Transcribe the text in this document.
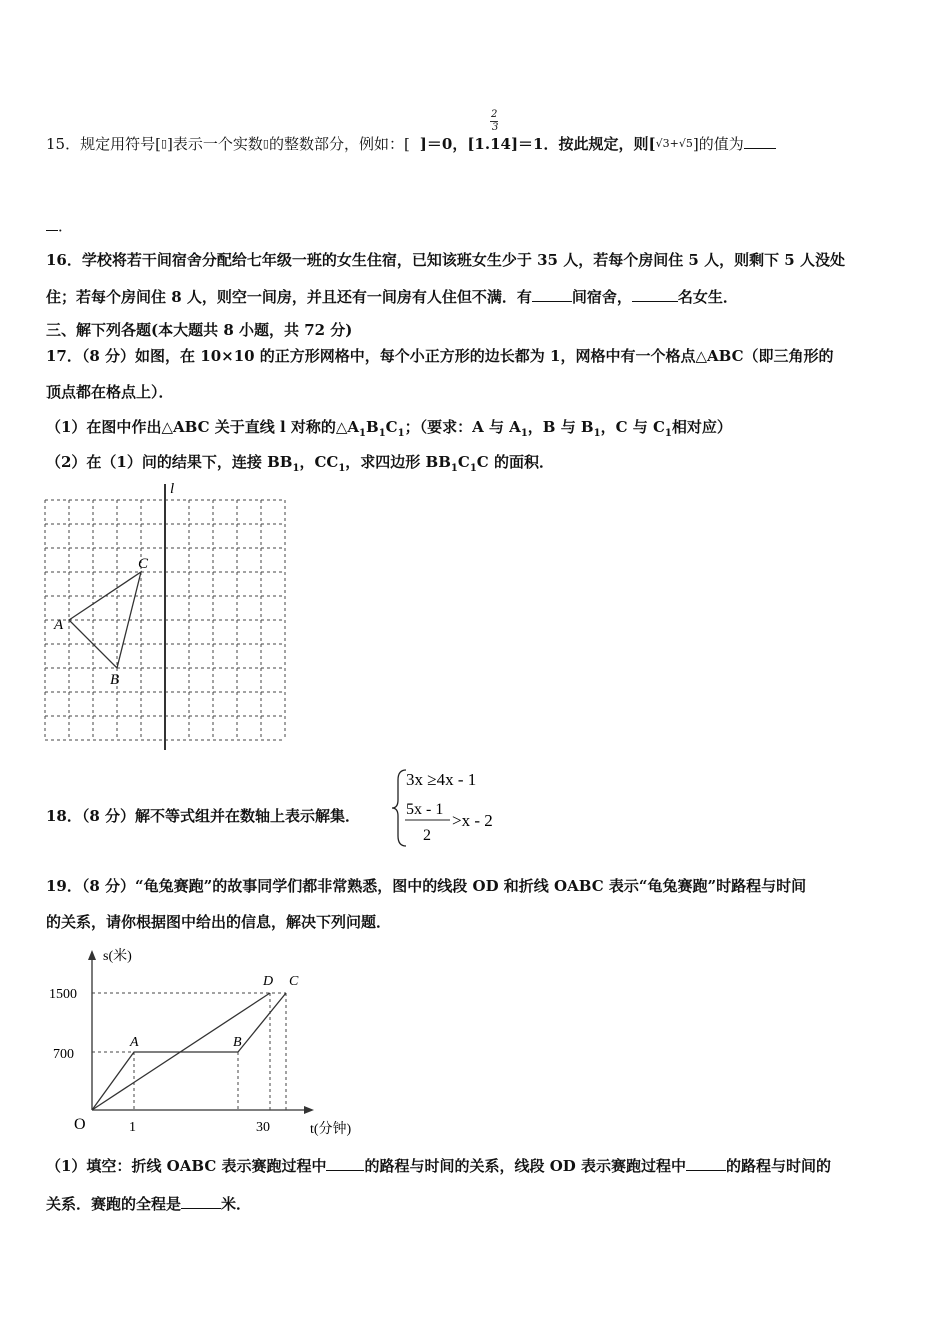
15．规定用符号[▯]表示一个实数▯的整数部分，例如：[ ]＝0，[1.14]＝1．按此规定，则[$^{√3+√5}$]的值为
2
3
．
16．学校将若干间宿舍分配给七年级一班的女生住宿，已知该班女生少于 35 人，若每个房间住 5 人，则剩下 5 人没处
住；若每个房间住 8 人，则空一间房，并且还有一间房有人住但不满．有	间宿舍，	名女生．
三、解下列各题(本大题共 8 小题，共 72 分)
17．（8 分）如图，在 10×10 的正方形网格中，每个小正方形的边长都为 1，网格中有一个格点△ABC（即三角形的
顶点都在格点上）．
（1）在图中作出△ABC 关于直线 l 对称的$\triangle A_1B_1C_1$；（要求：A 与 $A_1$，B 与 $B_1$，C 与 $C_1$相对应）
（2）在（1）问的结果下，连接 $BB_1$，$CC_1$，求四边形 $BB_1C_1C$ 的面积．
l
A
B
C
18．（8 分）解不等式组并在数轴上表示解集．
3x ≥4x - 1
5x - 1
2
>x - 2
19．（8 分）“龟兔赛跑”的故事同学们都非常熟悉，图中的线段 OD 和折线 OABC 表示“龟兔赛跑”时路程与时间
的关系，请你根据图中给出的信息，解决下列问题．
s(米)
t(分钟)
O
1500
700
1	30
A	B
D C
（1）填空：折线 OABC 表示赛跑过程中	的路程与时间的关系，线段 OD 表示赛跑过程中	的路程与时间的
关系．赛跑的全程是	米．
